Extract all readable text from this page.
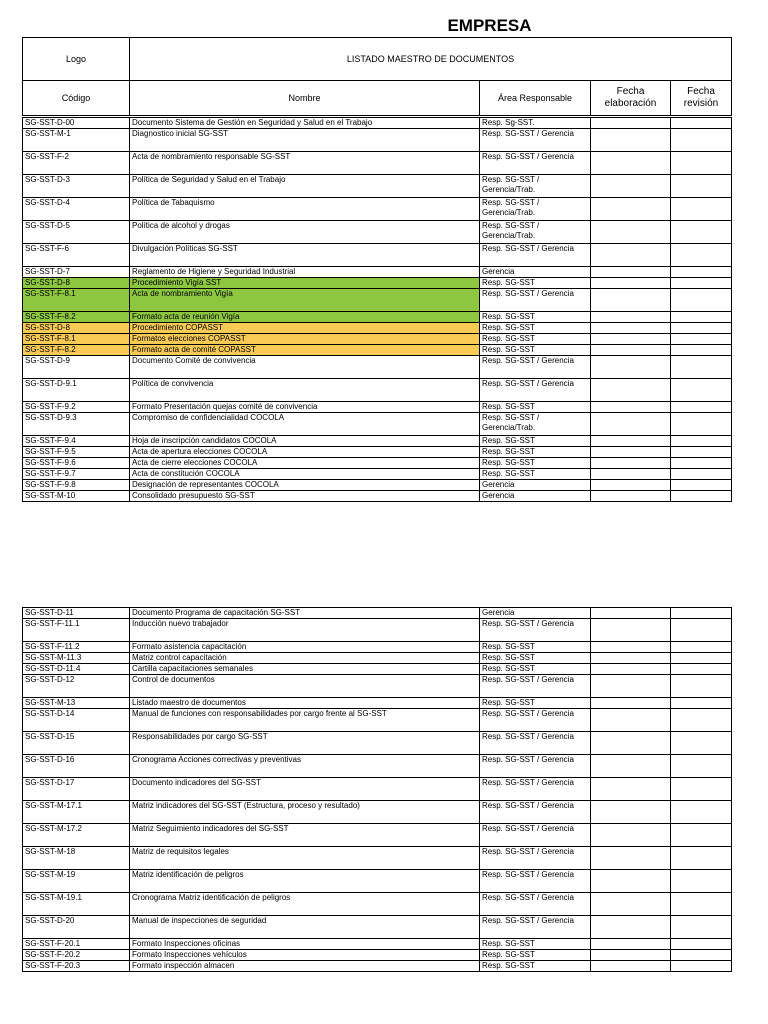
	EMPRESA			
Logo	LISTADO MAESTRO DE DOCUMENTOS			
Código	Nombre	Área Responsable	Fecha elaboración	Fecha revisión
SG-SST-D-00	Documento Sistema de Gestión en Seguridad y Salud en el Trabajo	Resp. Sg-SST.		
SG-SST-M-1	Diagnostico inicial SG-SST	Resp. SG-SST / Gerencia		
SG-SST-F-2	Acta de nombramiento responsable SG-SST	Resp. SG-SST / Gerencia		
SG-SST-D-3	Política de Seguridad y Salud en el Trabajo	Resp. SG-SST / Gerencia/Trab.		
SG-SST-D-4	Política de Tabaquismo	Resp. SG-SST / Gerencia/Trab.		
SG-SST-D-5	Política de alcohol y drogas	Resp. SG-SST / Gerencia/Trab.		
SG-SST-F-6	Divulgación Políticas SG-SST	Resp. SG-SST / Gerencia		
SG-SST-D-7	Reglamento de Higiene y Seguridad Industrial	Gerencia		
SG-SST-D-8	Procedimiento Vigía SST	Resp. SG-SST		
SG-SST-F-8.1	Acta de nombramiento Vigía	Resp. SG-SST / Gerencia		
SG-SST-F-8.2	Formato acta de reunión Vigía	Resp. SG-SST		
SG-SST-D-8	Procedimiento COPASST	Resp. SG-SST		
SG-SST-F-8.1	Formatos elecciones COPASST	Resp. SG-SST		
SG-SST-F-8.2	Formato acta de comité COPASST	Resp. SG-SST		
SG-SST-D-9	Documento Comité de convivencia	Resp. SG-SST / Gerencia		
SG-SST-D-9.1	Política de convivencia	Resp. SG-SST / Gerencia		
SG-SST-F-9.2	Formato Presentación quejas comité de convivencia	Resp. SG-SST		
SG-SST-D-9.3	Compromiso de confidencialidad COCOLA	Resp. SG-SST / Gerencia/Trab.		
SG-SST-F-9.4	Hoja de inscripción candidatos COCOLA	Resp. SG-SST		
SG-SST-F-9.5	Acta de apertura elecciones COCOLA	Resp. SG-SST		
SG-SST-F-9.6	Acta de cierre elecciones COCOLA	Resp. SG-SST		
SG-SST-F-9.7	Acta de constitución COCOLA	Resp. SG-SST		
SG-SST-F-9.8	Designación de representantes COCOLA	Gerencia		
SG-SST-M-10	Consolidado presupuesto SG-SST	Gerencia		
SG-SST-D-11	Documento Programa de capacitación SG-SST	Gerencia		
SG-SST-F-11.1	Inducción nuevo trabajador	Resp. SG-SST / Gerencia		
SG-SST-F-11.2	Formato asistencia capacitación	Resp. SG-SST		
SG-SST-M-11.3	Matriz control capacitación	Resp. SG-SST		
SG-SST-D-11.4	Cartilla capacitaciones semanales	Resp. SG-SST		
SG-SST-D-12	Control de documentos	Resp. SG-SST / Gerencia		
SG-SST-M-13	Listado maestro de documentos	Resp. SG-SST		
SG-SST-D-14	Manual de funciones con responsabilidades por cargo frente al SG-SST	Resp. SG-SST / Gerencia		
SG-SST-D-15	Responsabilidades por cargo SG-SST	Resp. SG-SST / Gerencia		
SG-SST-D-16	Cronograma Acciones correctivas y preventivas	Resp. SG-SST / Gerencia		
SG-SST-D-17	Documento indicadores del SG-SST	Resp. SG-SST / Gerencia		
SG-SST-M-17.1	Matriz indicadores del SG-SST (Estructura, proceso y resultado)	Resp. SG-SST / Gerencia		
SG-SST-M-17.2	Matriz Seguimiento indicadores del SG-SST	Resp. SG-SST / Gerencia		
SG-SST-M-18	Matriz de requisitos legales	Resp. SG-SST / Gerencia		
SG-SST-M-19	Matriz identificación de peligros	Resp. SG-SST / Gerencia		
SG-SST-M-19.1	Cronograma Matriz identificación de peligros	Resp. SG-SST / Gerencia		
SG-SST-D-20	Manual de inspecciones de seguridad	Resp. SG-SST / Gerencia		
SG-SST-F-20.1	Formato Inspecciones oficinas	Resp. SG-SST		
SG-SST-F-20.2	Formato Inspecciones vehículos	Resp. SG-SST		
SG-SST-F-20.3	Formato inspección almacen	Resp. SG-SST		
